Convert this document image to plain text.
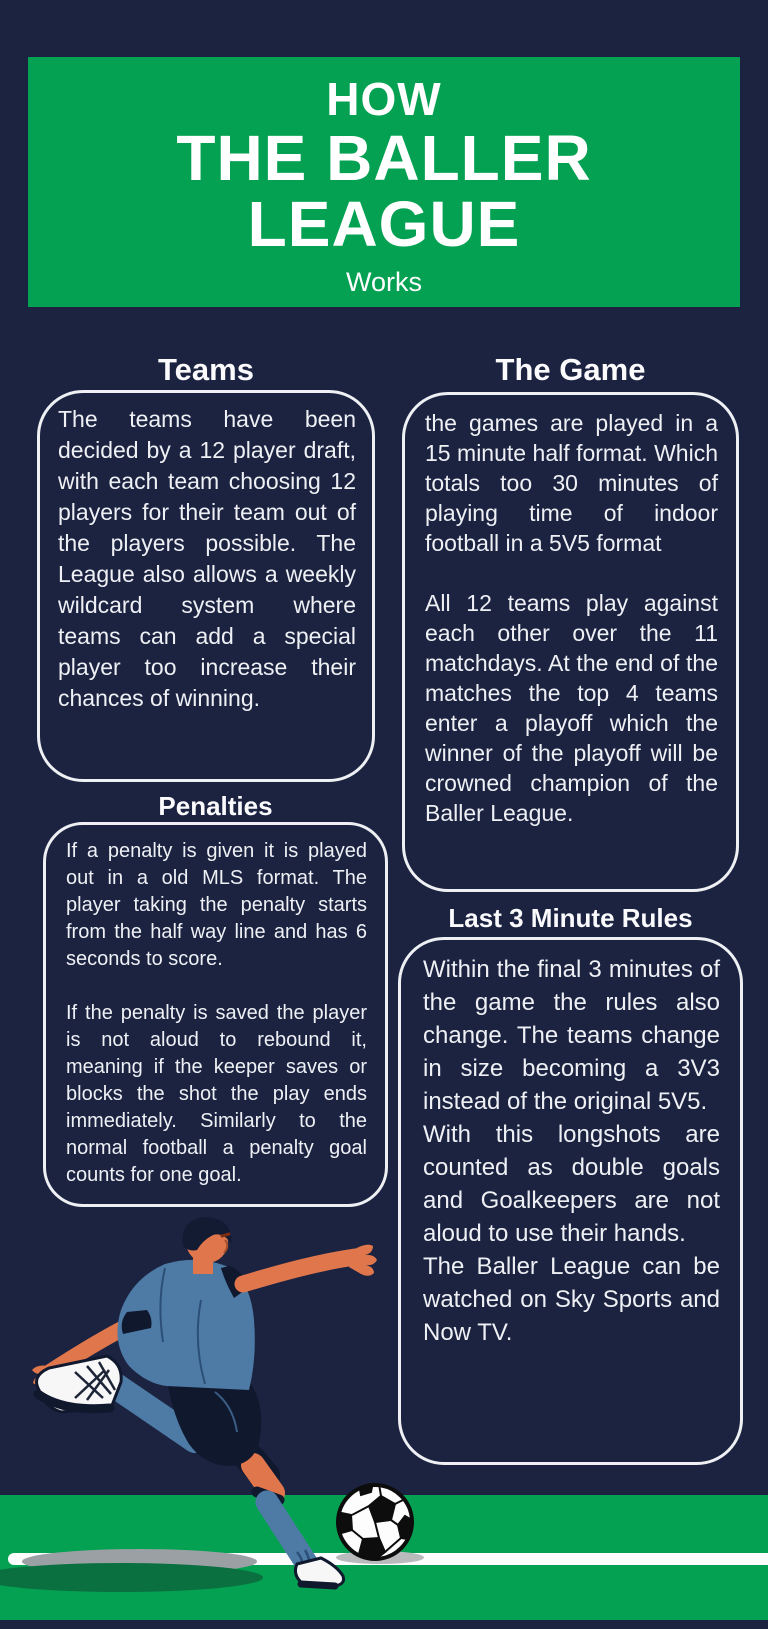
HOW
THE BALLER
LEAGUE
Works
Teams	The Game
Penalties
Last 3 Minute Rules

The teams have been decided by a 12 player draft, with each team choosing 12 players for their team out of the players possible. The League also allows a weekly wildcard system where teams can add a special player too increase their chances of winning.

the games are played in a 15 minute half format. Which totals too 30 minutes of playing time of indoor football in a 5V5 format

All 12 teams play against each other over the 11 matchdays. At the end of the matches the top 4 teams enter a playoff which the winner of the playoff will be crowned champion of the Baller League.

If a penalty is given it is played out in a old MLS format. The player taking the penalty starts from the half way line and has 6 seconds to score.

If the penalty is saved the player is not aloud to rebound it, meaning if the keeper saves or blocks the shot the play ends immediately. Similarly to the normal football a penalty goal counts for one goal.

Within the final 3 minutes of the game the rules also change. The teams change in size becoming a 3V3 instead of the original 5V5.

With this longshots are counted as double goals and Goalkeepers are not aloud to use their hands.

The Baller League can be watched on Sky Sports and Now TV.
